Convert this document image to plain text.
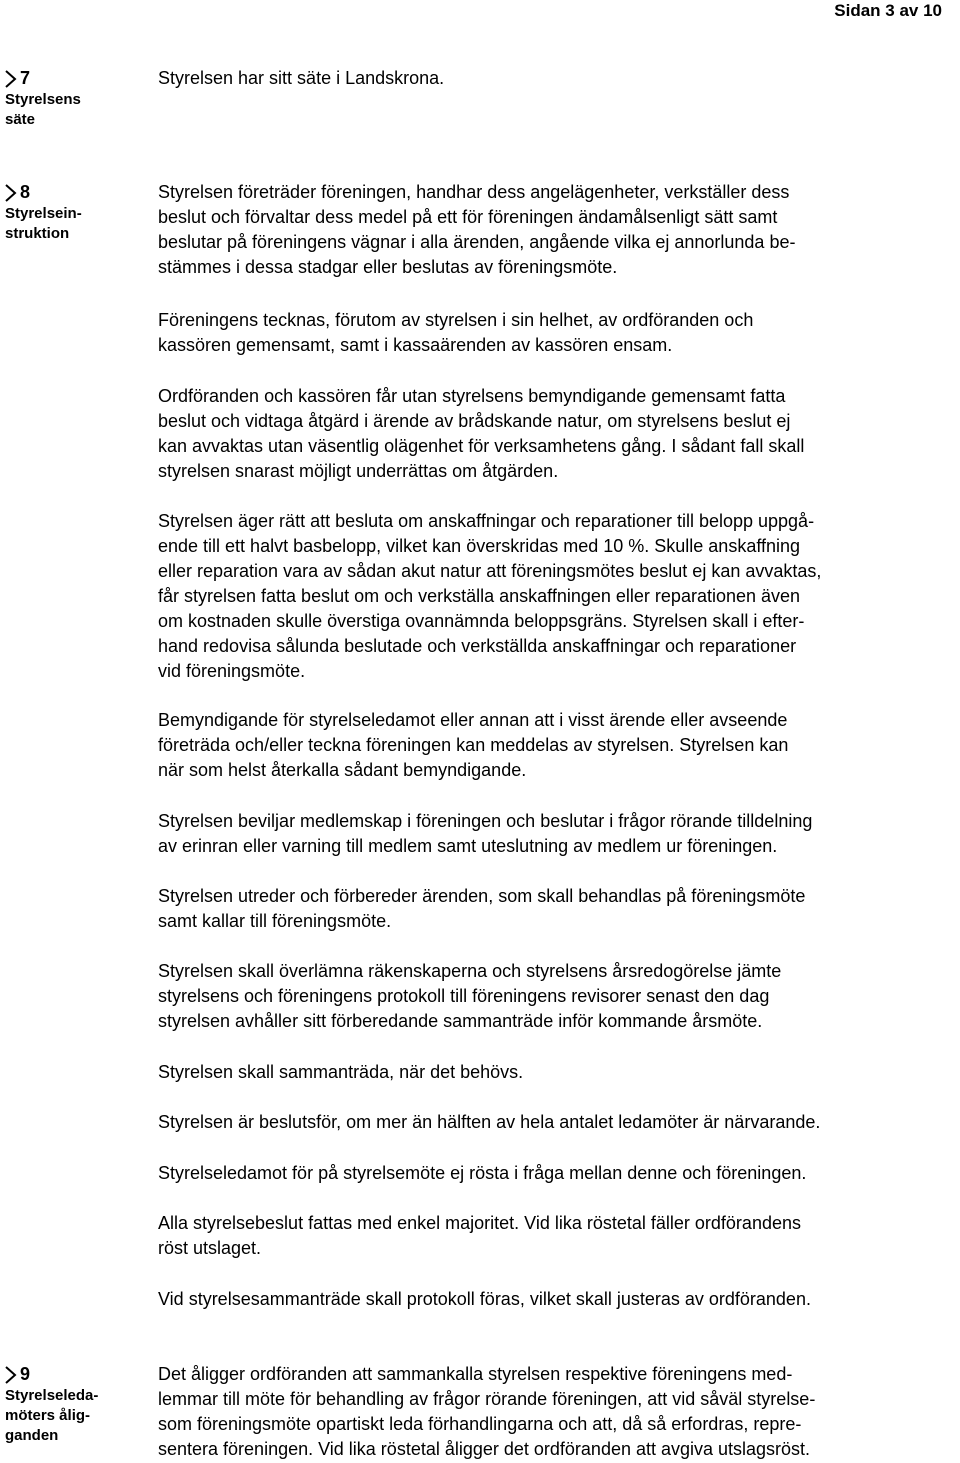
Sidan 3 av 10
7
Styrelsens
säte

Styrelsen har sitt säte i Landskrona.

8
Styrelsein-
struktion

Styrelsen företräder föreningen, handhar dess angelägenheter, verkställer dess
beslut och förvaltar dess medel på ett för föreningen ändamålsenligt sätt samt
beslutar på föreningens vägnar i alla ärenden, angående vilka ej annorlunda be-
stämmes i dessa stadgar eller beslutas av föreningsmöte.

Föreningens tecknas, förutom av styrelsen i sin helhet, av ordföranden och
kassören gemensamt, samt i kassaärenden av kassören ensam.

Ordföranden och kassören får utan styrelsens bemyndigande gemensamt fatta
beslut och vidtaga åtgärd i ärende av brådskande natur, om styrelsens beslut ej
kan avvaktas utan väsentlig olägenhet för verksamhetens gång. I sådant fall skall
styrelsen snarast möjligt underrättas om åtgärden.

Styrelsen äger rätt att besluta om anskaffningar och reparationer till belopp uppgå-
ende till ett halvt basbelopp, vilket kan överskridas med 10 %. Skulle anskaffning
eller reparation vara av sådan akut natur att föreningsmötes beslut ej kan avvaktas,
får styrelsen fatta beslut om och verkställa anskaffningen eller reparationen även
om kostnaden skulle överstiga ovannämnda beloppsgräns. Styrelsen skall i efter-
hand redovisa sålunda beslutade och verkställda anskaffningar och reparationer
vid föreningsmöte.

Bemyndigande för styrelseledamot eller annan att i visst ärende eller avseende
företräda och/eller teckna föreningen kan meddelas av styrelsen. Styrelsen kan
när som helst återkalla sådant bemyndigande.

Styrelsen beviljar medlemskap i föreningen och beslutar i frågor rörande tilldelning
av erinran eller varning till medlem samt uteslutning av medlem ur föreningen.

Styrelsen utreder och förbereder ärenden, som skall behandlas på föreningsmöte
samt kallar till föreningsmöte.

Styrelsen skall överlämna räkenskaperna och styrelsens årsredogörelse jämte
styrelsens och föreningens protokoll till föreningens revisorer senast den dag
styrelsen avhåller sitt förberedande sammanträde inför kommande årsmöte.

Styrelsen skall sammanträda, när det behövs.

Styrelsen är beslutsför, om mer än hälften av hela antalet ledamöter är närvarande.

Styrelseledamot för på styrelsemöte ej rösta i fråga mellan denne och föreningen.

Alla styrelsebeslut fattas med enkel majoritet. Vid lika röstetal fäller ordförandens
röst utslaget.

Vid styrelsesammanträde skall protokoll föras, vilket skall justeras av ordföranden.

9
Styrelseleda-
möters ålig-
ganden

Det åligger ordföranden att sammankalla styrelsen respektive föreningens med-
lemmar till möte för behandling av frågor rörande föreningen, att vid såväl styrelse-
som föreningsmöte opartiskt leda förhandlingarna och att, då så erfordras, repre-
sentera föreningen. Vid lika röstetal åligger det ordföranden att avgiva utslagsröst.
